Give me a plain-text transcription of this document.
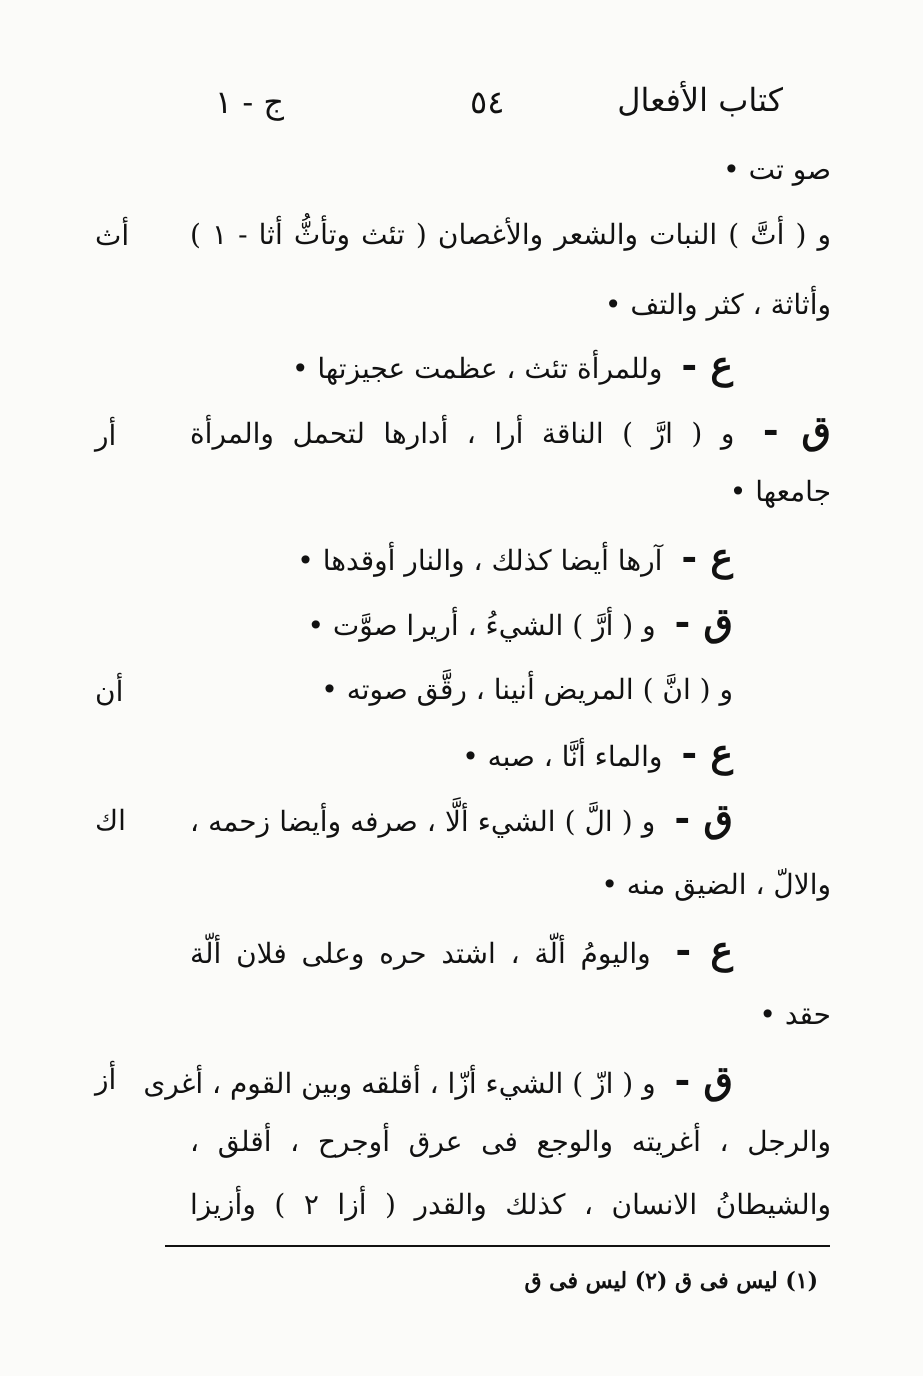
كتاب الأفعال
٥٤
ج - ١
أث
أر
أن
اك
أز
صو تت •
و ( أتَّ ) النبات والشعر والأغصان ( تئث وتأثُّ أثا - ١ )
وأثاثة ، كثر والتف •
ع - وللمرأة تئث ، عظمت عجيزتها •
ق - و ( ارَّ ) الناقة أرا ، أدارها لتحمل والمرأة
جامعها •
ع - آرها أيضا كذلك ، والنار أوقدها •
ق - و ( أرَّ ) الشيءُ ، أريرا صوَّت •
و ( انَّ ) المريض أنينا ، رقَّق صوته •
ع - والماء أنَّا ، صبه •
ق - و ( الَّ ) الشيء ألَّا ، صرفه وأيضا زحمه ،
والالّ ، الضيق منه •
ع - واليومُ ألّة ، اشتد حره وعلى فلان ألّة
حقد •
ق - و ( ازّ ) الشيء أزّا ، أقلقه وبين القوم ، أغرى
والرجل ، أغريته والوجع فى عرق أوجرح ، أقلق ،
والشيطانُ الانسان ، كذلك والقدر ( أزا ٢ ) وأزيزا
(١) ليس فى ق (٢) ليس فى ق
